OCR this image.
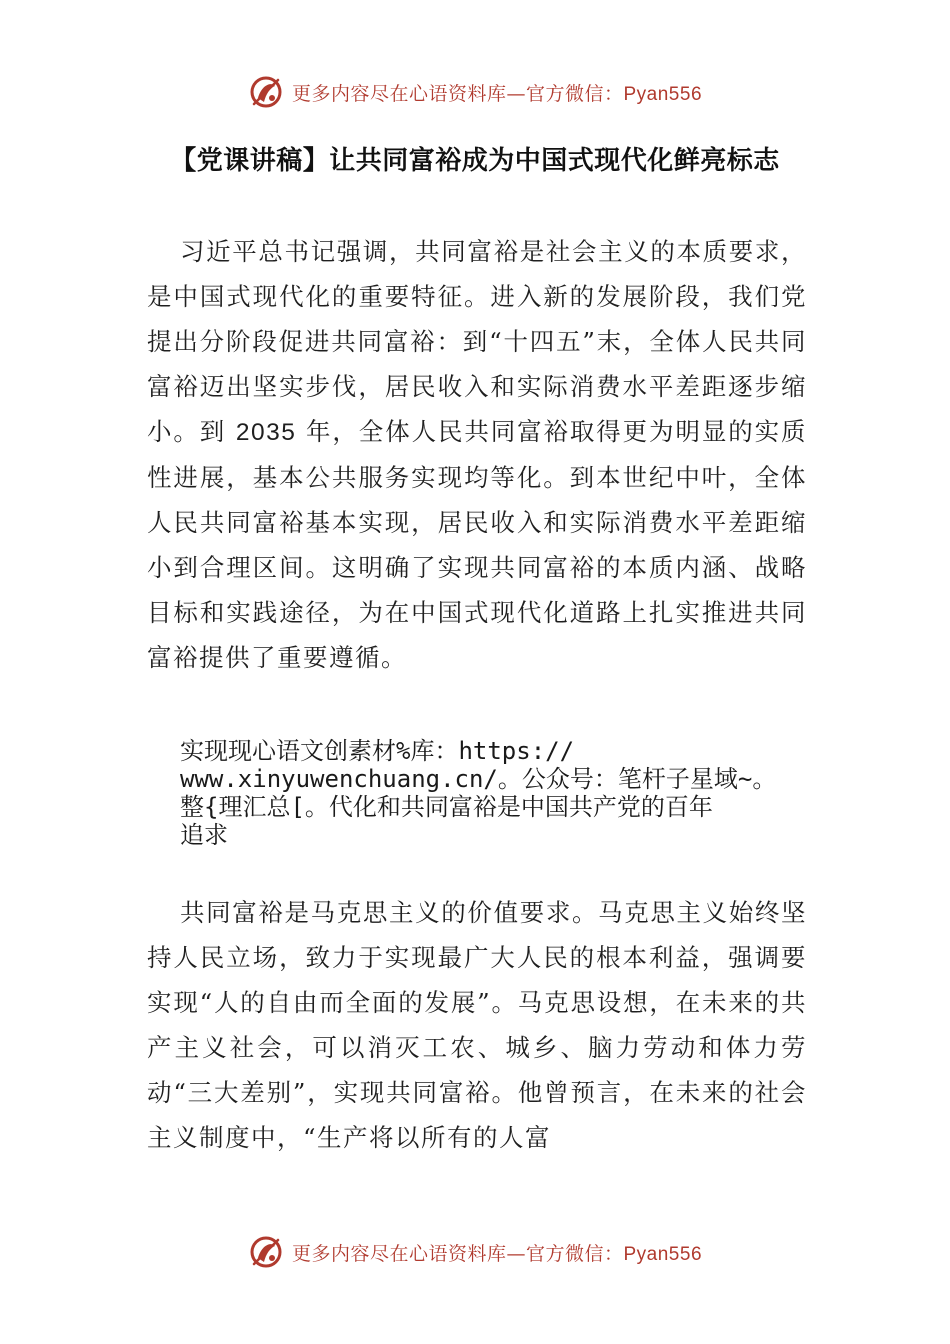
更多内容尽在心语资料库—官方微信： Pyan556
【党课讲稿】让共同富裕成为中国式现代化鲜亮标志

习近平总书记强调，共同富裕是社会主义的本质要求，是中国式现代化的重要特征。进入新的发展阶段，我们党提出分阶段促进共同富裕：到“十四五”末，全体人民共同富裕迈出坚实步伐，居民收入和实际消费水平差距逐步缩小。到 2035 年，全体人民共同富裕取得更为明显的实质性进展，基本公共服务实现均等化。到本世纪中叶，全体人民共同富裕基本实现，居民收入和实际消费水平差距缩小到合理区间。这明确了实现共同富裕的本质内涵、战略目标和实践途径，为在中国式现代化道路上扎实推进共同富裕提供了重要遵循。

实现现心语文创素材%库：https://
www.xinyuwenchuang.cn/。公众号：笔杆子星域~。
整{理汇总[。代化和共同富裕是中国共产党的百年
追求

共同富裕是马克思主义的价值要求。马克思主义始终坚持人民立场，致力于实现最广大人民的根本利益，强调要实现“人的自由而全面的发展”。马克思设想，在未来的共产主义社会，可以消灭工农、城乡、脑力劳动和体力劳动“三大差别”，实现共同富裕。他曾预言，在未来的社会主义制度中，“生产将以所有的人富

更多内容尽在心语资料库—官方微信： Pyan556
